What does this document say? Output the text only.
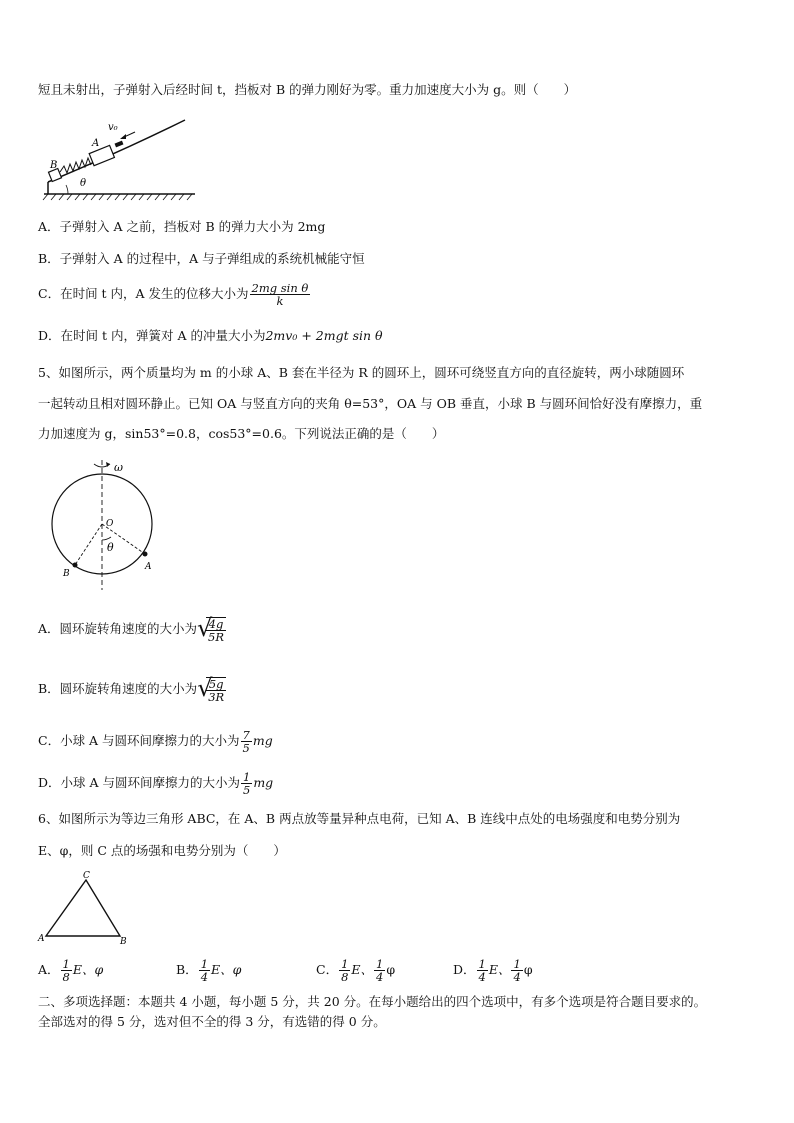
短且未射出，子弹射入后经时间 t，挡板对 B 的弹力刚好为零。重力加速度大小为 g。则（　　）
v₀
A
B
θ
A．子弹射入 A 之前，挡板对 B 的弹力大小为 2mg
B．子弹射入 A 的过程中，A 与子弹组成的系统机械能守恒
C．在时间 t 内，A 发生的位移大小为 $\frac{\text{2mg sin θ}}{k}$
D．在时间 t 内，弹簧对 A 的冲量大小为2mv₀ + 2mgt sin θ
5、如图所示，两个质量均为 m 的小球 A、B 套在半径为 R 的圆环上，圆环可绕竖直方向的直径旋转，两小球随圆环
一起转动且相对圆环静止。已知 OA 与竖直方向的夹角 θ=53°，OA 与 OB 垂直，小球 B 与圆环间恰好没有摩擦力，重
力加速度为 g，sin53°=0.8，cos53°=0.6。下列说法正确的是（　　）
ω
O
θ
A
B
A．圆环旋转角速度的大小为 √
$\frac{4g}{5R}$
B．圆环旋转角速度的大小为 √
$\frac{5g}{3R}$
C．小球 A 与圆环间摩擦力的大小为 $\frac{7}{5}$ mg
D．小球 A 与圆环间摩擦力的大小为 $\frac{1}{5}$ mg
6、如图所示为等边三角形 ABC，在 A、B 两点放等量异种点电荷，已知 A、B 连线中点处的电场强度和电势分别为
E、φ，则 C 点的场强和电势分别为（　　）
C
A	B
A． $\frac{1}{8}$ E、φ	B． $\frac{1}{4}$ E、φ	C． $\frac{1}{8}$ E、 $\frac{1}{4}$ φ	D． $\frac{1}{4}$ E、 $\frac{1}{4}$ φ
二、多项选择题：本题共 4 小题，每小题 5 分，共 20 分。在每小题给出的四个选项中，有多个选项是符合题目要求的。
全部选对的得 5 分，选对但不全的得 3 分，有选错的得 0 分。
